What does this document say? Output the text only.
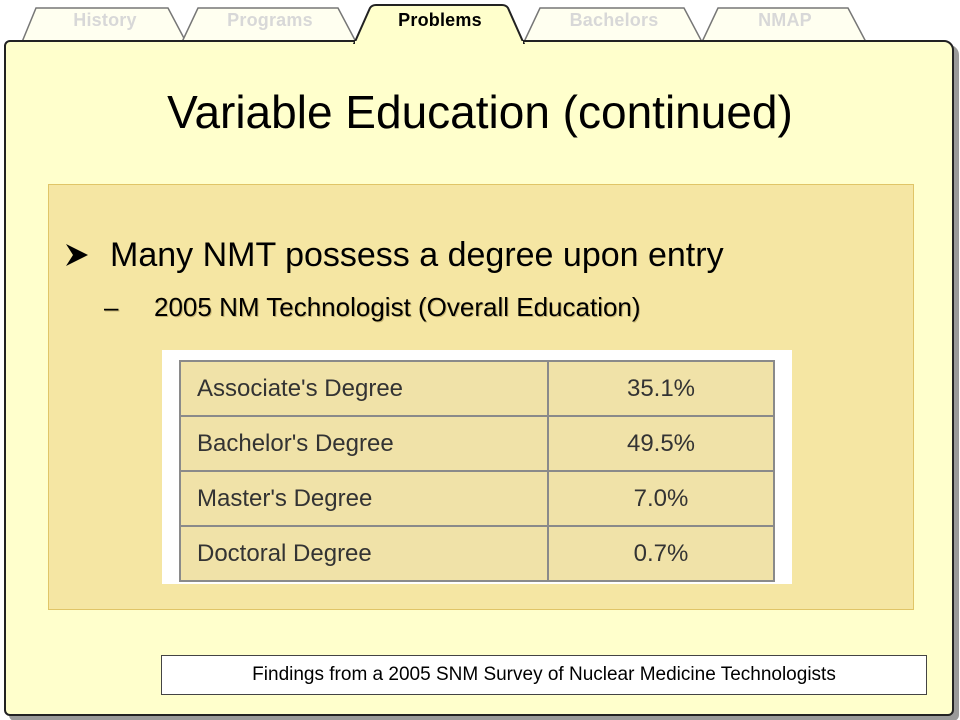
History	Programs	Bachelors	NMAP
Problems
Variable Education (continued)
Many NMT possess a degree upon entry
– 2005 NM Technologist (Overall Education)
Associate's Degree	35.1%
Bachelor's Degree	49.5%
Master's Degree	7.0%
Doctoral Degree	0.7%
Findings from a 2005 SNM Survey of Nuclear Medicine Technologists
